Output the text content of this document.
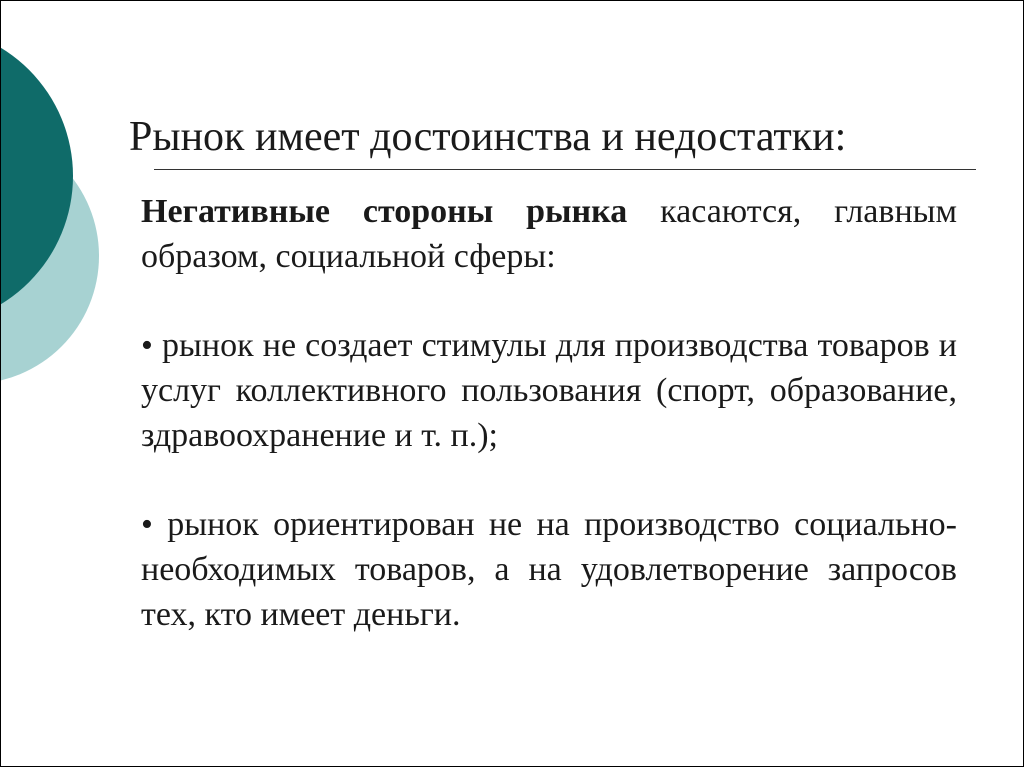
Рынок имеет достоинства и недостатки:

Негативные стороны рынка касаются, главным образом, социальной сферы:

• рынок не создает стимулы для производства товаров и услуг коллективного пользования (спорт, образование, здравоохранение и т. п.);

• рынок ориентирован не на производство социально-необходимых товаров, а на удовлетворение запросов тех, кто имеет деньги.
